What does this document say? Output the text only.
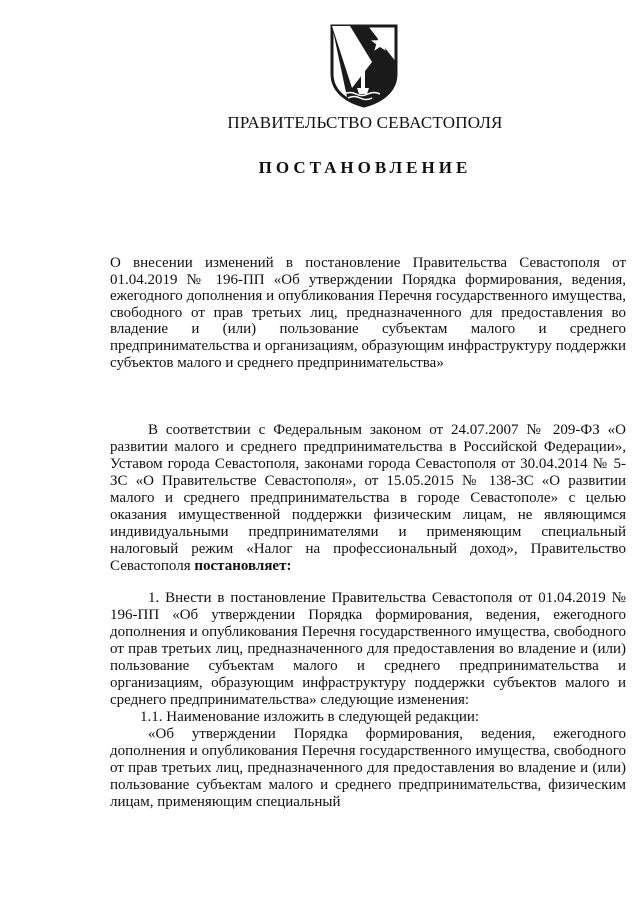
ПРАВИТЕЛЬСТВО СЕВАСТОПОЛЯ
ПОСТАНОВЛЕНИЕ
О внесении изменений в постановление Правительства Севастополя от 01.04.2019 № 196-ПП «Об утверждении Порядка формирования, ведения, ежегодного дополнения и опубликования Перечня государственного имущества, свободного от прав третьих лиц, предназначенного для предоставления во владение и (или) пользование субъектам малого и среднего предпринимательства и организациям, образующим инфраструктуру поддержки субъектов малого и среднего предпринимательства»

В соответствии с Федеральным законом от 24.07.2007 № 209-ФЗ «О развитии малого и среднего предпринимательства в Российской Федерации», Уставом города Севастополя, законами города Севастополя от 30.04.2014 № 5-ЗС «О Правительстве Севастополя», от 15.05.2015 № 138-ЗС «О развитии малого и среднего предпринимательства в городе Севастополе» с целью оказания имущественной поддержки физическим лицам, не являющимся индивидуальными предпринимателями и применяющим специальный налоговый режим «Налог на профессиональный доход», Правительство Севастополя постановляет:

1. Внести в постановление Правительства Севастополя от 01.04.2019 № 196-ПП «Об утверждении Порядка формирования, ведения, ежегодного дополнения и опубликования Перечня государственного имущества, свободного от прав третьих лиц, предназначенного для предоставления во владение и (или) пользование субъектам малого и среднего предпринимательства и организациям, образующим инфраструктуру поддержки субъектов малого и среднего предпринимательства» следующие изменения:

1.1. Наименование изложить в следующей редакции:

«Об утверждении Порядка формирования, ведения, ежегодного дополнения и опубликования Перечня государственного имущества, свободного от прав третьих лиц, предназначенного для предоставления во владение и (или) пользование субъектам малого и среднего предпринимательства, физическим лицам, применяющим специальный
